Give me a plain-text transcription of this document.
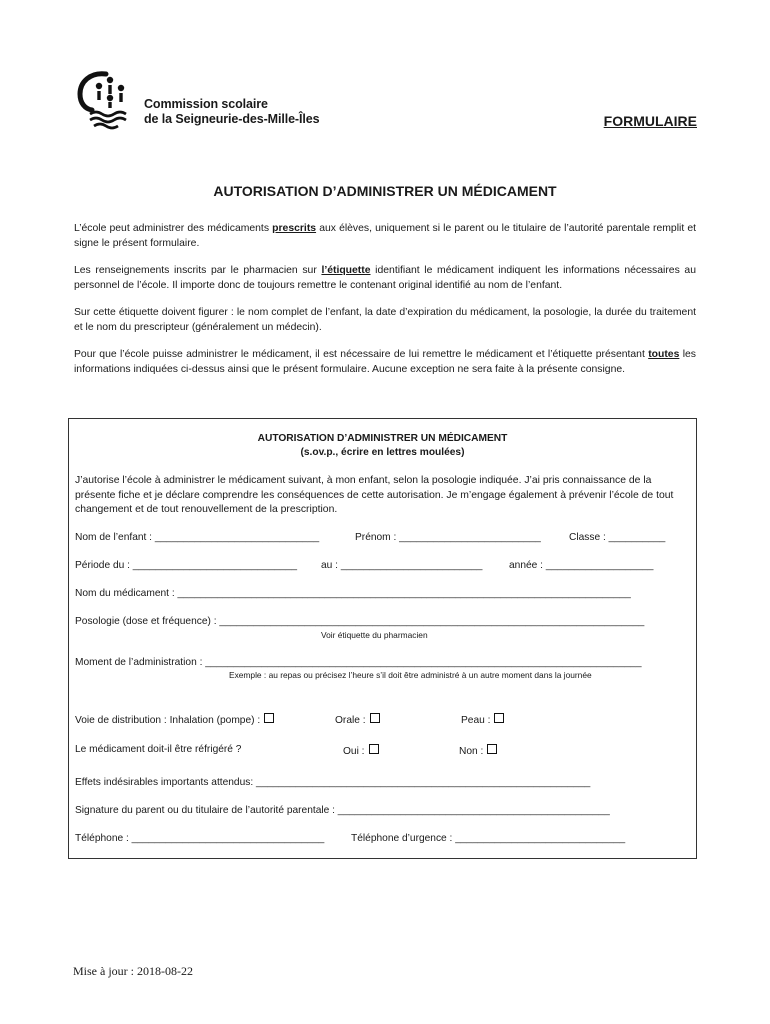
Commission scolaire
de la Seigneurie-des-Mille-Îles	FORMULAIRE
AUTORISATION D’ADMINISTRER UN MÉDICAMENT
L’école peut administrer des médicaments prescrits aux élèves, uniquement si le parent ou le titulaire de l’autorité parentale remplit et signe le présent formulaire.
Les renseignements inscrits par le pharmacien sur l’étiquette identifiant le médicament indiquent les informations nécessaires au personnel de l’école. Il importe donc de toujours remettre le contenant original identifié au nom de l’enfant.
Sur cette étiquette doivent figurer : le nom complet de l’enfant, la date d’expiration du médicament, la posologie, la durée du traitement et le nom du prescripteur (généralement un médecin).
Pour que l’école puisse administrer le médicament, il est nécessaire de lui remettre le médicament et l’étiquette présentant toutes les informations indiquées ci-dessus ainsi que le présent formulaire. Aucune exception ne sera faite à la présente consigne.
AUTORISATION D’ADMINISTRER UN MÉDICAMENT
(s.ov.p., écrire en lettres moulées)
J’autorise l’école à administrer le médicament suivant, à mon enfant, selon la posologie indiquée. J’ai pris connaissance de la présente fiche et je déclare comprendre les conséquences de cette autorisation. Je m’engage également à prévenir l’école de tout changement et de tout renouvellement de la prescription.
Nom de l’enfant : _____________________________	Prénom : _________________________	Classe : __________
Période du : _____________________________ au : _________________________	année : ___________________
Nom du médicament : ________________________________________________________________________________
Posologie (dose et fréquence) : ___________________________________________________________________________
Voir étiquette du pharmacien
Moment de l’administration : _____________________________________________________________________________
Exemple : au repas ou précisez l’heure s’il doit être administré à un autre moment dans la journée
Voie de distribution : Inhalation (pompe) :	Orale :	Peau :
Le médicament doit-il être réfrigéré ?	Oui :	Non :
Effets indésirables importants attendus: ___________________________________________________________
Signature du parent ou du titulaire de l’autorité parentale : ________________________________________________
Téléphone : __________________________________	Téléphone d’urgence : ______________________________
Mise à jour : 2018-08-22
